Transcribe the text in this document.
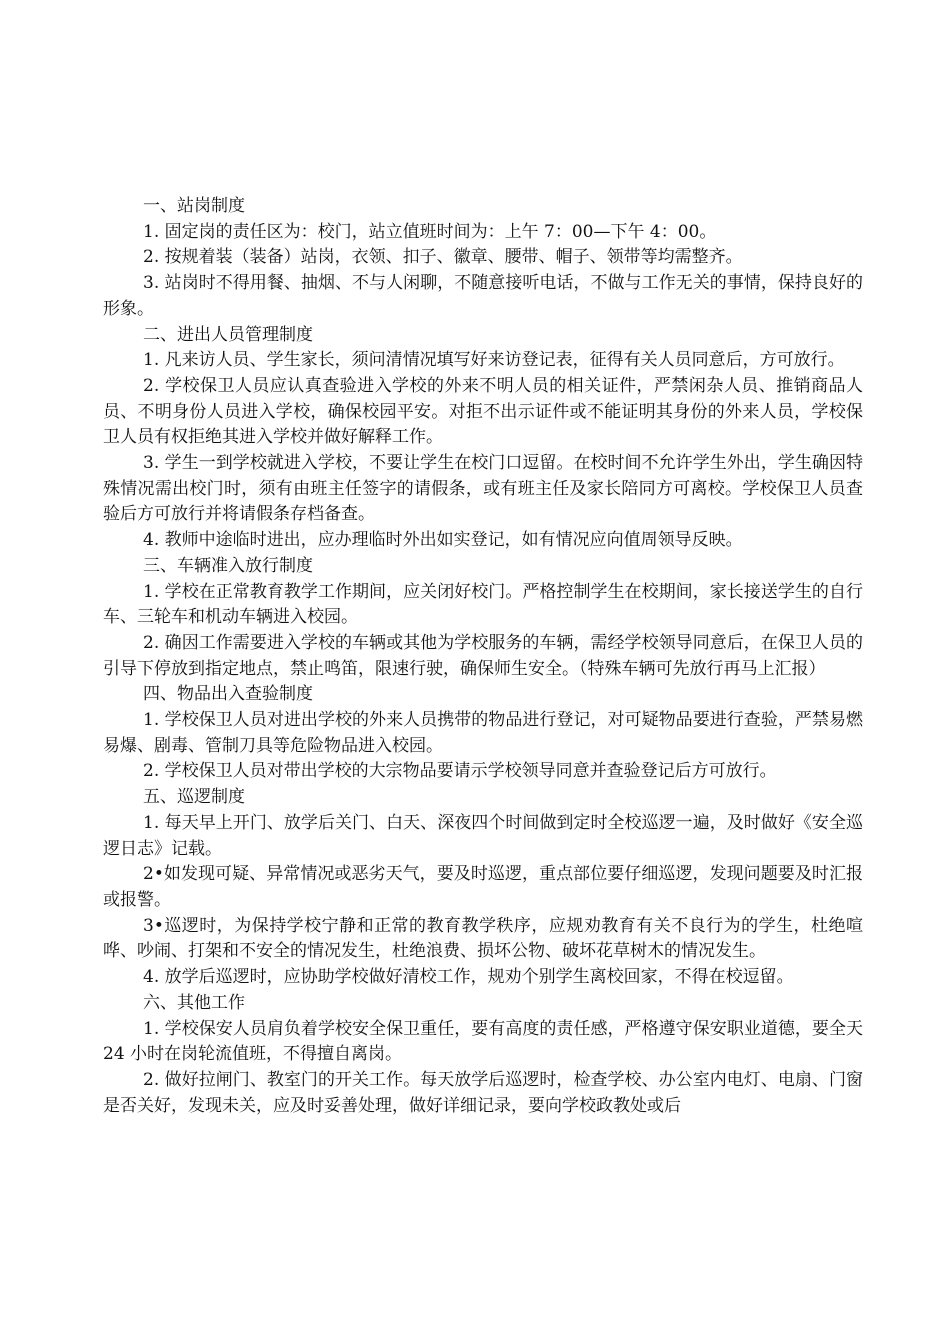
一、站岗制度

1. 固定岗的责任区为：校门，站立值班时间为：上午 7：00—下午 4：00。

2. 按规着装（装备）站岗，衣领、扣子、徽章、腰带、帽子、领带等均需整齐。

3. 站岗时不得用餐、抽烟、不与人闲聊，不随意接听电话，不做与工作无关的事情，保持良好的形象。

二、进出人员管理制度

1. 凡来访人员、学生家长，须问清情况填写好来访登记表，征得有关人员同意后，方可放行。

2. 学校保卫人员应认真查验进入学校的外来不明人员的相关证件，严禁闲杂人员、推销商品人员、不明身份人员进入学校，确保校园平安。对拒不出示证件或不能证明其身份的外来人员，学校保卫人员有权拒绝其进入学校并做好解释工作。

3. 学生一到学校就进入学校，不要让学生在校门口逗留。在校时间不允许学生外出，学生确因特殊情况需出校门时，须有由班主任签字的请假条，或有班主任及家长陪同方可离校。学校保卫人员查验后方可放行并将请假条存档备查。

4. 教师中途临时进出，应办理临时外出如实登记，如有情况应向值周领导反映。

三、车辆准入放行制度

1. 学校在正常教育教学工作期间，应关闭好校门。严格控制学生在校期间，家长接送学生的自行车、三轮车和机动车辆进入校园。

2. 确因工作需要进入学校的车辆或其他为学校服务的车辆，需经学校领导同意后，在保卫人员的引导下停放到指定地点，禁止鸣笛，限速行驶，确保师生安全。（特殊车辆可先放行再马上汇报）

四、物品出入查验制度

1. 学校保卫人员对进出学校的外来人员携带的物品进行登记，对可疑物品要进行查验，严禁易燃易爆、剧毒、管制刀具等危险物品进入校园。

2. 学校保卫人员对带出学校的大宗物品要请示学校领导同意并查验登记后方可放行。

五、巡逻制度

1. 每天早上开门、放学后关门、白天、深夜四个时间做到定时全校巡逻一遍，及时做好《安全巡逻日志》记载。

2•如发现可疑、异常情况或恶劣天气，要及时巡逻，重点部位要仔细巡逻，发现问题要及时汇报或报警。

3•巡逻时，为保持学校宁静和正常的教育教学秩序，应规劝教育有关不良行为的学生，杜绝喧哗、吵闹、打架和不安全的情况发生，杜绝浪费、损坏公物、破坏花草树木的情况发生。

4. 放学后巡逻时，应协助学校做好清校工作，规劝个别学生离校回家，不得在校逗留。

六、其他工作

1. 学校保安人员肩负着学校安全保卫重任，要有高度的责任感，严格遵守保安职业道德，要全天 24 小时在岗轮流值班，不得擅自离岗。

2. 做好拉闸门、教室门的开关工作。每天放学后巡逻时，检查学校、办公室内电灯、电扇、门窗是否关好，发现未关，应及时妥善处理，做好详细记录，要向学校政教处或后
